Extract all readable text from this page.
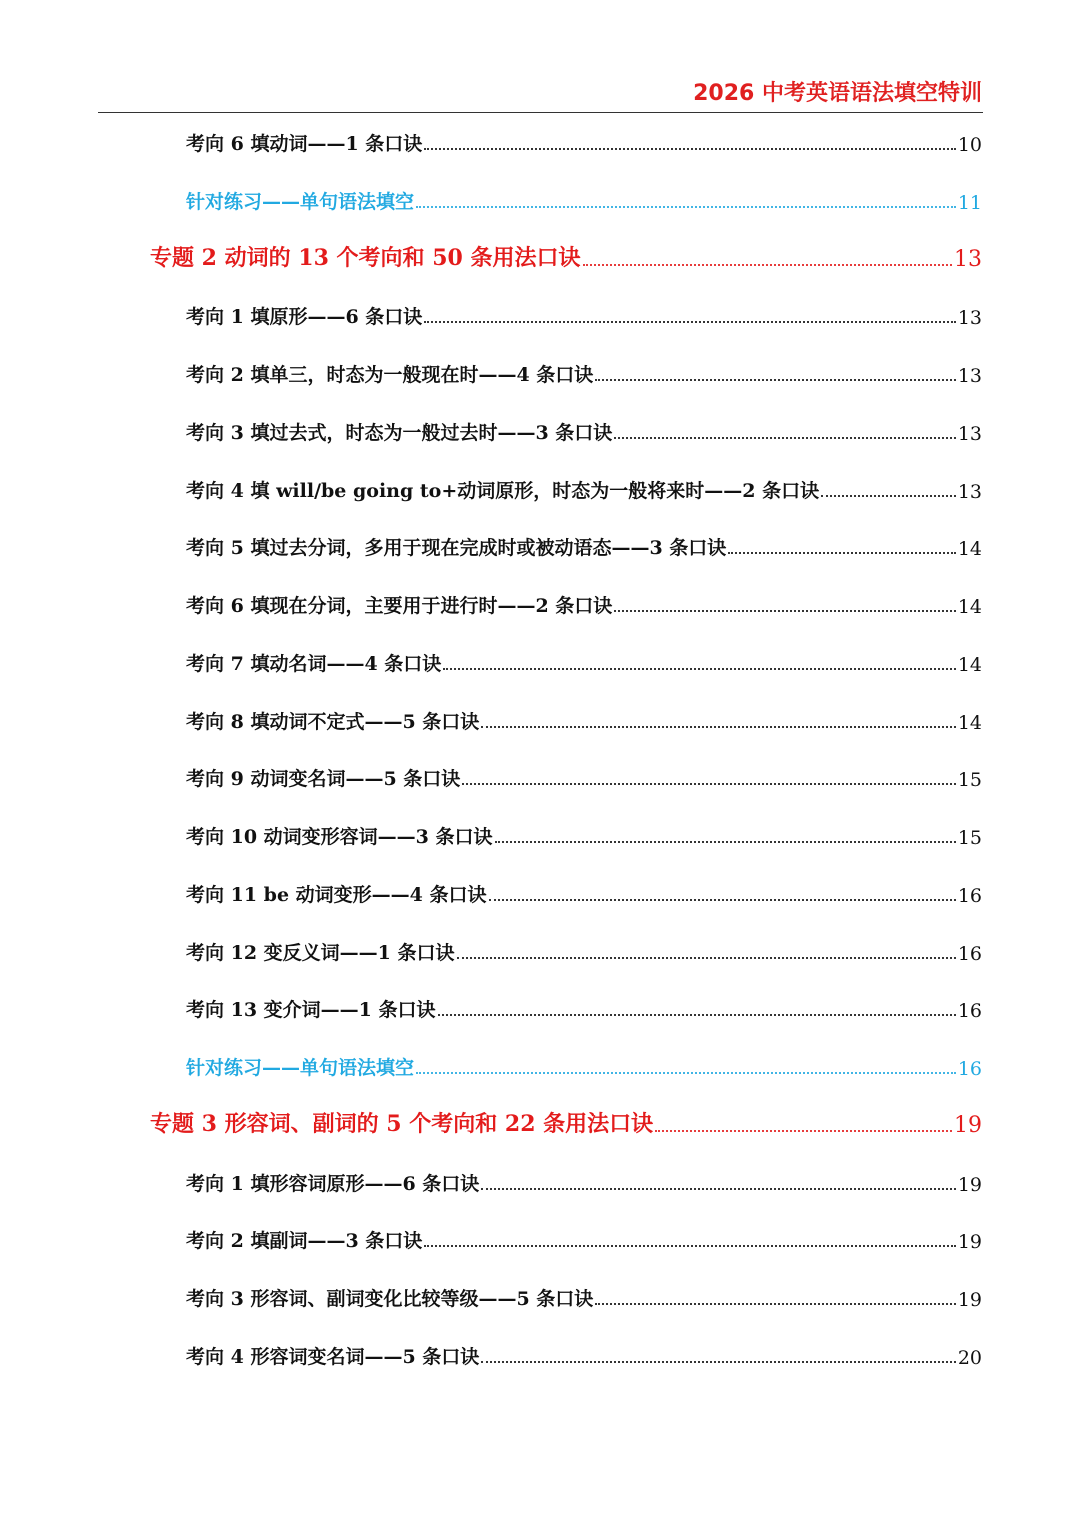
2026 中考英语语法填空特训
考向 6 填动词——1 条口诀	10
针对练习——单句语法填空	11
专题 2 动词的 13 个考向和 50 条用法口诀	13
考向 1 填原形——6 条口诀	13
考向 2 填单三，时态为一般现在时——4 条口诀	13
考向 3 填过去式，时态为一般过去时——3 条口诀	13
考向 4 填 will/be going to+动词原形，时态为一般将来时——2 条口诀	13
考向 5 填过去分词，多用于现在完成时或被动语态——3 条口诀	14
考向 6 填现在分词，主要用于进行时——2 条口诀	14
考向 7 填动名词——4 条口诀	14
考向 8 填动词不定式——5 条口诀	14
考向 9 动词变名词——5 条口诀	15
考向 10 动词变形容词——3 条口诀	15
考向 11 be 动词变形——4 条口诀	16
考向 12 变反义词——1 条口诀	16
考向 13 变介词——1 条口诀	16
针对练习——单句语法填空	16
专题 3 形容词、副词的 5 个考向和 22 条用法口诀	19
考向 1 填形容词原形——6 条口诀	19
考向 2 填副词——3 条口诀	19
考向 3 形容词、副词变化比较等级——5 条口诀	19
考向 4 形容词变名词——5 条口诀	20
